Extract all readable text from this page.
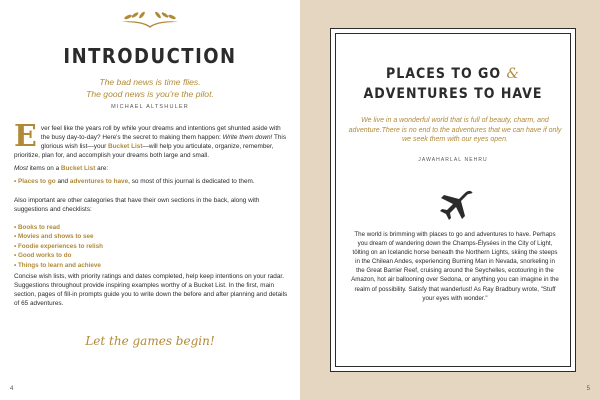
INTRODUCTION
The bad news is time flies.
The good news is you're the pilot.
MICHAEL ALTSHULER
Ever feel like the years roll by while your dreams and intentions get shunted aside with the busy day-to-day? Here's the secret to making them happen: Write them down! This glorious wish list—your Bucket List—will help you articulate, organize, remember, prioritize, plan for, and accomplish your dreams both large and small.
Most items on a Bucket List are:
• Places to go and adventures to have, so most of this journal is dedicated to them.
Also important are other categories that have their own sections in the back, along with suggestions and checklists:
• Books to read
• Movies and shows to see
• Foodie experiences to relish
• Good works to do
• Things to learn and achieve
Concise wish lists, with priority ratings and dates completed, help keep intentions on your radar. Suggestions throughout provide inspiring examples worthy of a Bucket List. In the first, main section, pages of fill-in prompts guide you to write down the before and after planning and details of 65 adventures.
Let the games begin!
4
PLACES TO GO &
ADVENTURES TO HAVE
We live in a wonderful world that is full of beauty, charm, and adventure.There is no end to the adventures that we can have if only we seek them with our eyes open.
JAWAHARLAL NEHRU
The world is brimming with places to go and adventures to have. Perhaps you dream of wandering down the Champs-Élysées in the City of Light, tölting on an Icelandic horse beneath the Northern Lights, skiing the steeps in the Chilean Andes, experiencing Burning Man in Nevada, snorkeling in the Great Barrier Reef, cruising around the Seychelles, ecotouring in the Amazon, hot air ballooning over Sedona, or anything you can imagine in the realm of possibility. Satisfy that wanderlust! As Ray Bradbury wrote, "Stuff your eyes with wonder."
5
